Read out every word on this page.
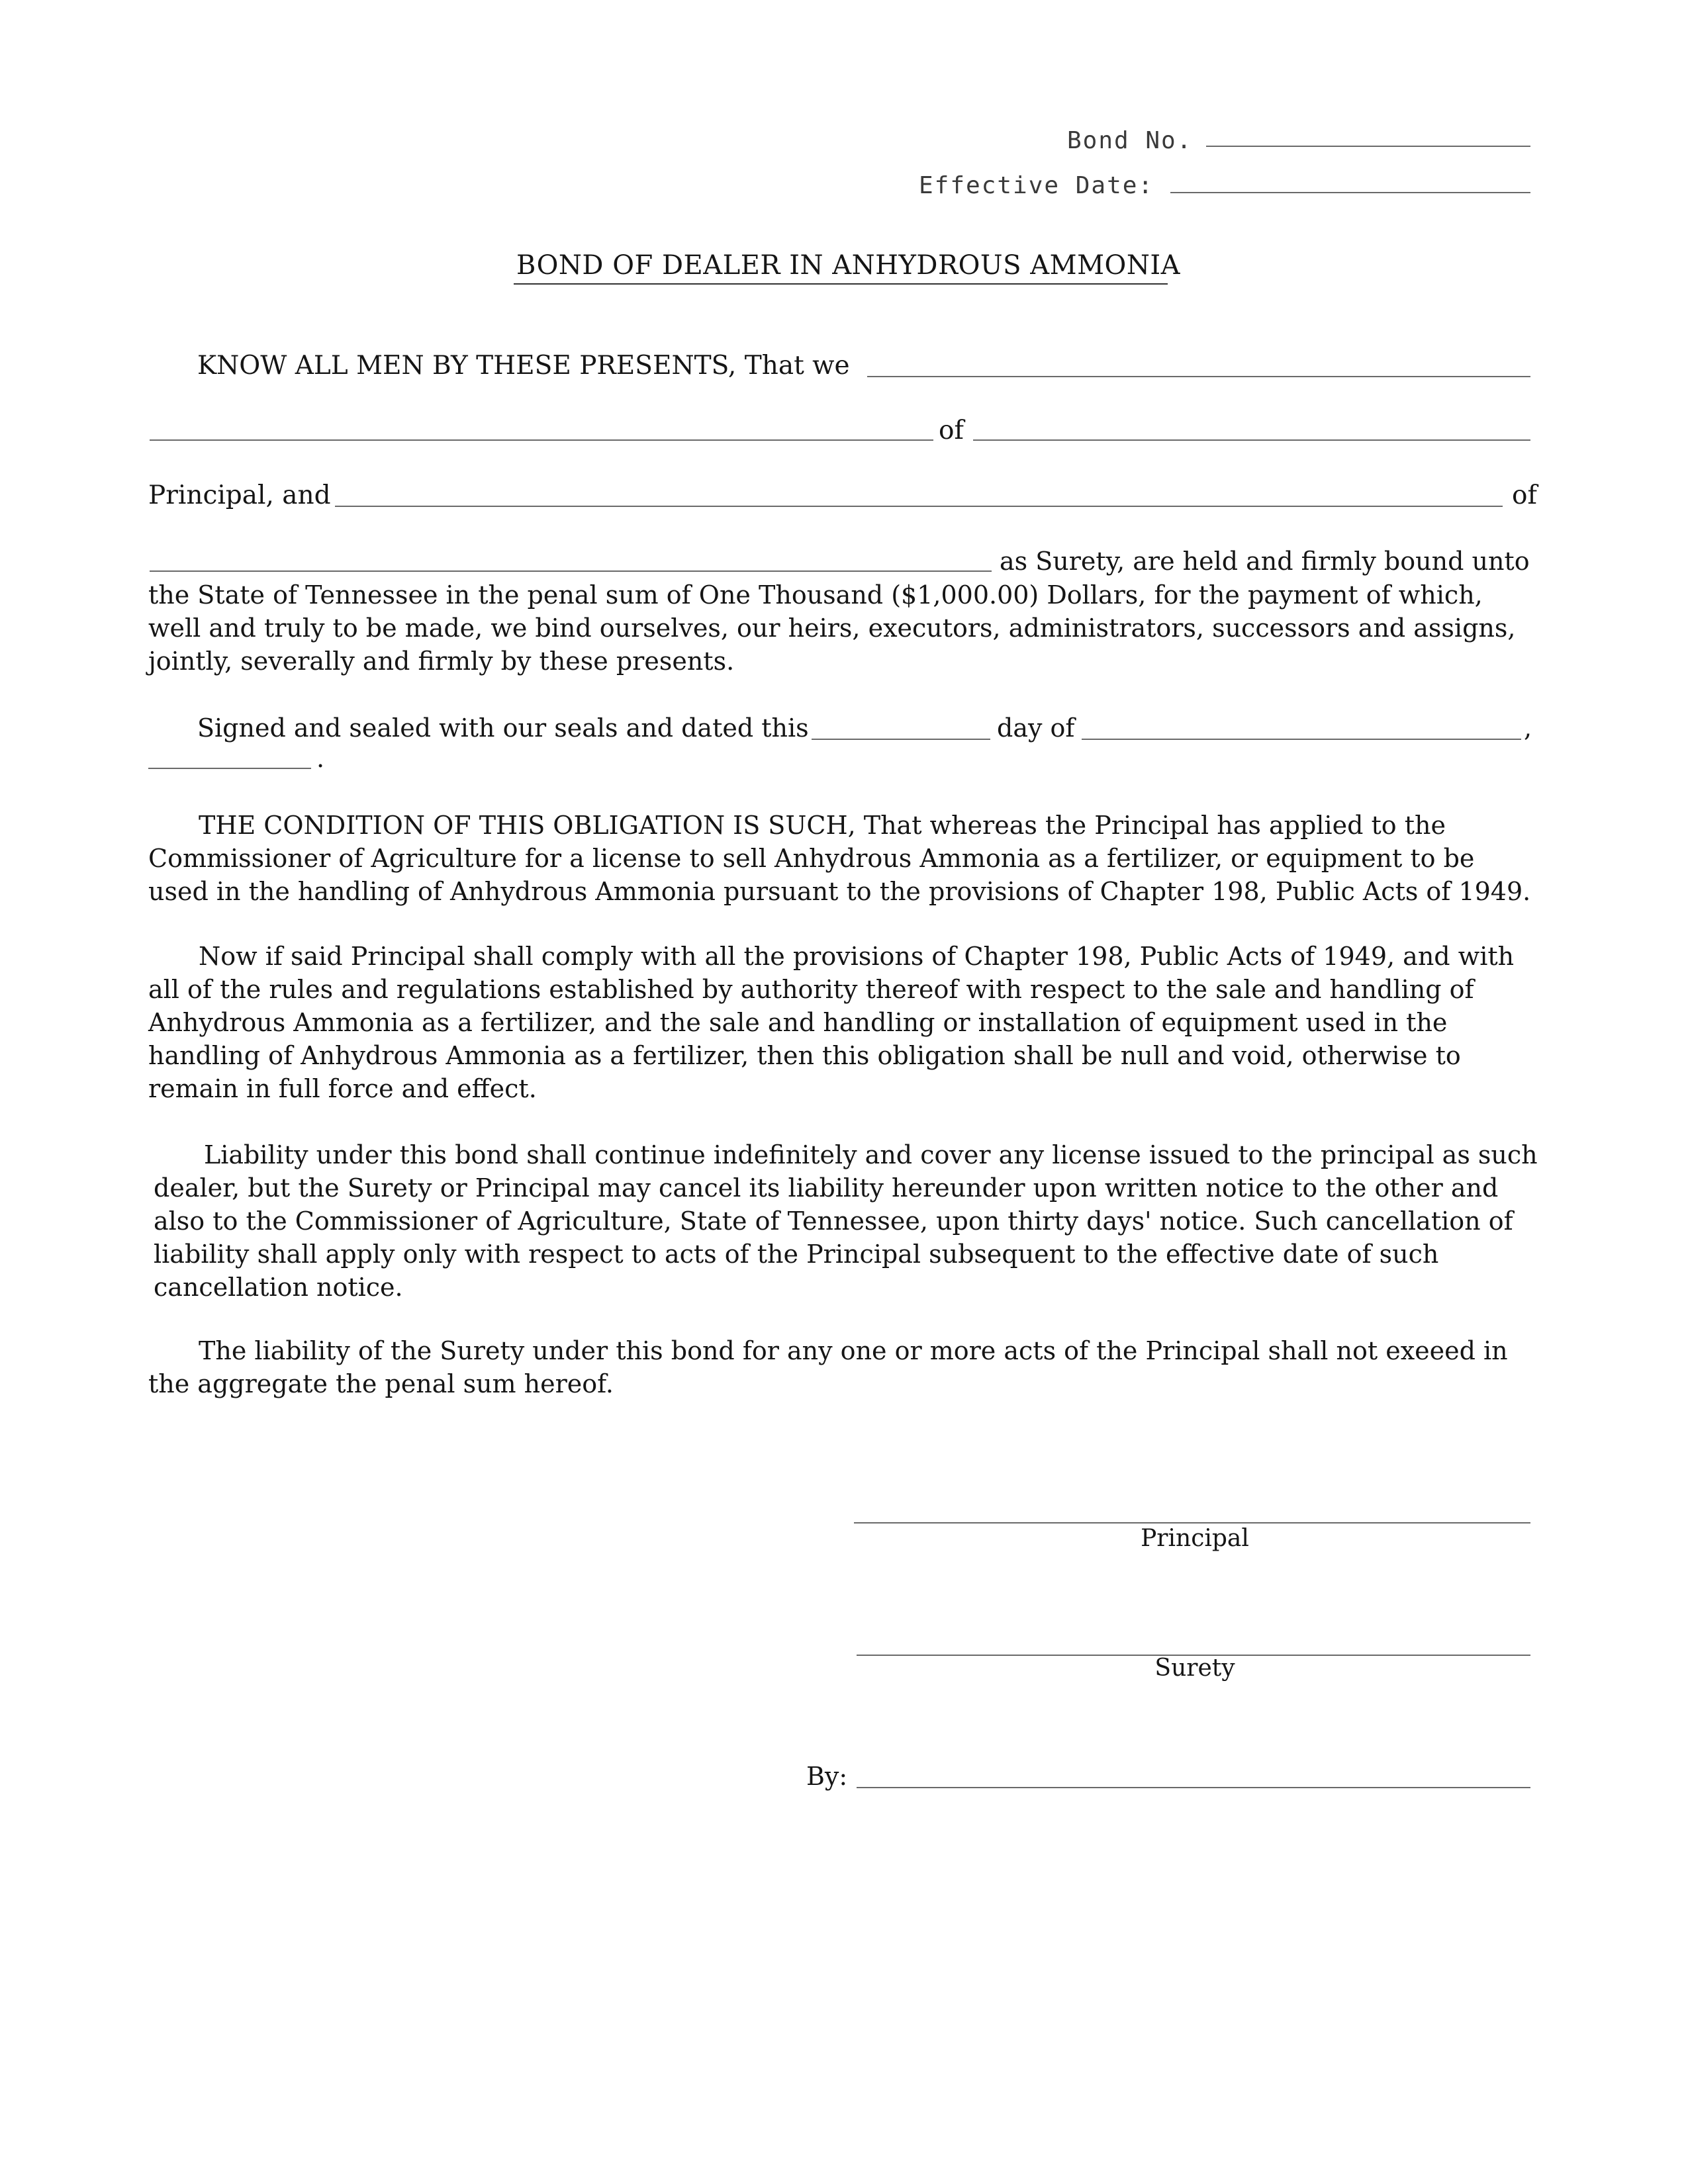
Bond No.
Effective Date:
BOND OF DEALER IN ANHYDROUS AMMONIA
KNOW ALL MEN BY THESE PRESENTS, That we
of
Principal, and	of
as Surety, are held and firmly bound unto

the State of Tennessee in the penal sum of One Thousand ($1,000.00) Dollars, for the payment of which, well and truly to be made, we bind ourselves, our heirs, executors, administrators, successors and assigns, jointly, severally and firmly by these presents.

Signed and sealed with our seals and dated this	day of	,
.

THE CONDITION OF THIS OBLIGATION IS SUCH, That whereas the Principal has applied to the Commissioner of Agriculture for a license to sell Anhydrous Ammonia as a fertilizer, or equipment to be used in the handling of Anhydrous Ammonia pursuant to the provisions of Chapter 198, Public Acts of 1949.

Now if said Principal shall comply with all the provisions of Chapter 198, Public Acts of 1949, and with all of the rules and regulations established by authority thereof with respect to the sale and handling of Anhydrous Ammonia as a fertilizer, and the sale and handling or installation of equipment used in the handling of Anhydrous Ammonia as a fertilizer, then this obligation shall be null and void, otherwise to remain in full force and effect.

Liability under this bond shall continue indefinitely and cover any license issued to the principal as such dealer, but the Surety or Principal may cancel its liability hereunder upon written notice to the other and also to the Commissioner of Agriculture, State of Tennessee, upon thirty days' notice. Such cancellation of liability shall apply only with respect to acts of the Principal subsequent to the effective date of such cancellation notice.

The liability of the Surety under this bond for any one or more acts of the Principal shall not exeeed in the aggregate the penal sum hereof.

Principal
Surety
By:
